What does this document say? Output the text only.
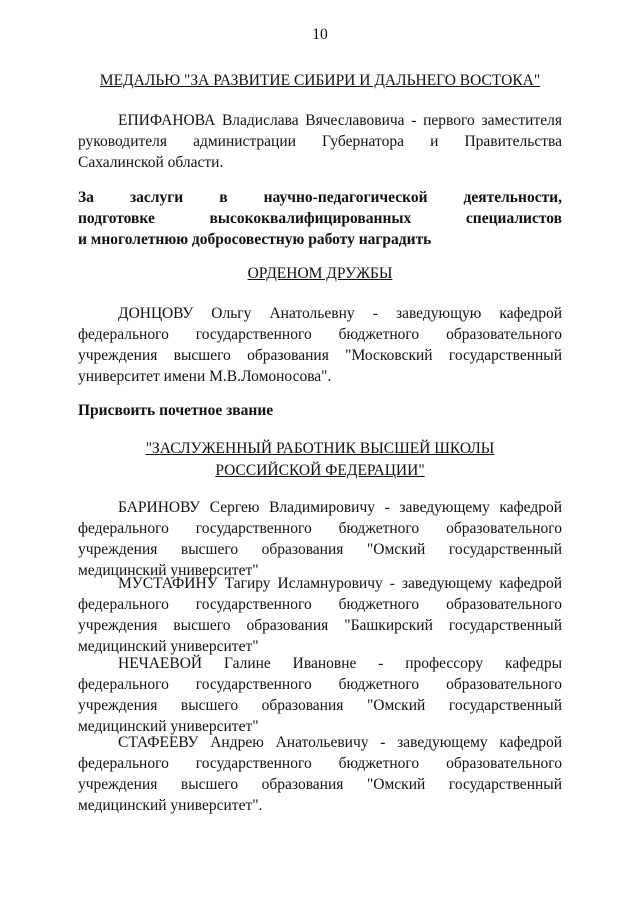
10
МЕДАЛЬЮ "ЗА РАЗВИТИЕ СИБИРИ И ДАЛЬНЕГО ВОСТОКА"
ЕПИФАНОВА Владислава Вячеславовича - первого заместителя
руководителя администрации Губернатора и Правительства
Сахалинской области.
За заслуги в научно-педагогической деятельности,
подготовке высококвалифицированных специалистов
и многолетнюю добросовестную работу наградить
ОРДЕНОМ ДРУЖБЫ
ДОНЦОВУ Ольгу Анатольевну - заведующую кафедрой
федерального государственного бюджетного образовательного
учреждения высшего образования "Московский государственный
университет имени М.В.Ломоносова".
Присвоить почетное звание
"ЗАСЛУЖЕННЫЙ РАБОТНИК ВЫСШЕЙ ШКОЛЫ
РОССИЙСКОЙ ФЕДЕРАЦИИ"
БАРИНОВУ Сергею Владимировичу - заведующему кафедрой
федерального государственного бюджетного образовательного
учреждения высшего образования "Омский государственный
медицинский университет"
МУСТАФИНУ Тагиру Исламнуровичу - заведующему кафедрой
федерального государственного бюджетного образовательного
учреждения высшего образования "Башкирский государственный
медицинский университет"
НЕЧАЕВОЙ Галине Ивановне - профессору кафедры
федерального государственного бюджетного образовательного
учреждения высшего образования "Омский государственный
медицинский университет"
СТАФЕЕВУ Андрею Анатольевичу - заведующему кафедрой
федерального государственного бюджетного образовательного
учреждения высшего образования "Омский государственный
медицинский университет".
